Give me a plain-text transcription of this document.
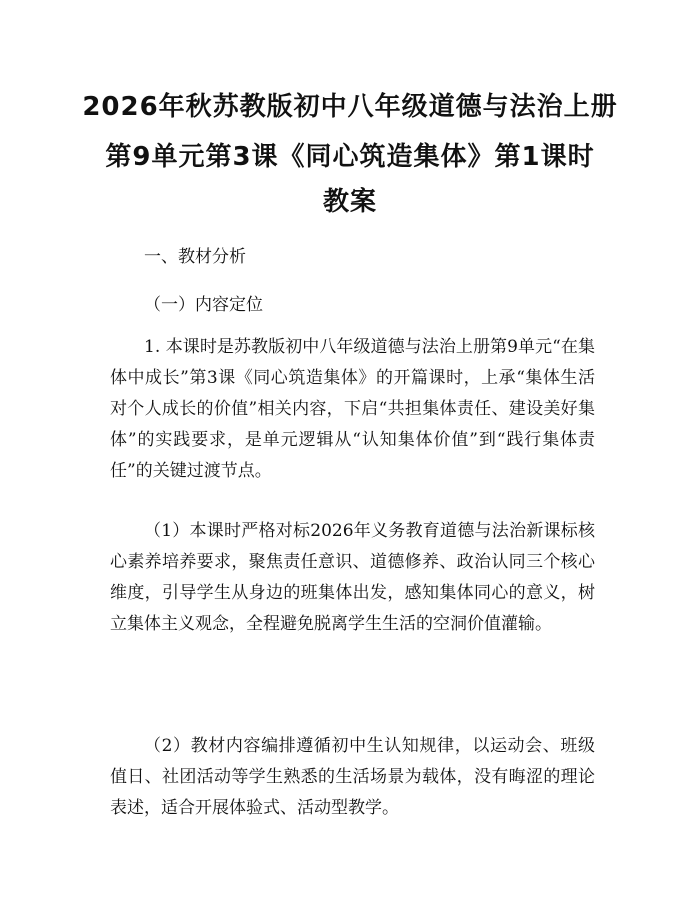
2026年秋苏教版初中八年级道德与法治上册
第9单元第3课《同心筑造集体》第1课时
教案
一、教材分析
（一）内容定位
1. 本课时是苏教版初中八年级道德与法治上册第9单元“在集体中成长”第3课《同心筑造集体》的开篇课时，上承“集体生活对个人成长的价值”相关内容，下启“共担集体责任、建设美好集体”的实践要求，是单元逻辑从“认知集体价值”到“践行集体责任”的关键过渡节点。
（1）本课时严格对标2026年义务教育道德与法治新课标核心素养培养要求，聚焦责任意识、道德修养、政治认同三个核心维度，引导学生从身边的班集体出发，感知集体同心的意义，树立集体主义观念，全程避免脱离学生生活的空洞价值灌输。
（2）教材内容编排遵循初中生认知规律，以运动会、班级值日、社团活动等学生熟悉的生活场景为载体，没有晦涩的理论表述，适合开展体验式、活动型教学。
